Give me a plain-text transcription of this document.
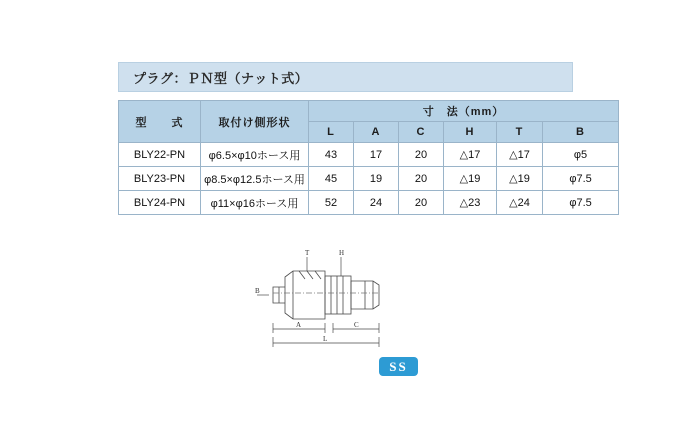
プラグ：ＰＮ型（ナット式）
型　　式	取付け側形状	寸　法（mm）					
		L	A	C	H	T	B
BLY22-PN	φ6.5×φ10ホース用	43	17	20	△17	△17	φ5
BLY23-PN	φ8.5×φ12.5ホース用	45	19	20	△19	△19	φ7.5
BLY24-PN	φ11×φ16ホース用	52	24	20	△23	△24	φ7.5
T	H
B
A	C
L
SS
